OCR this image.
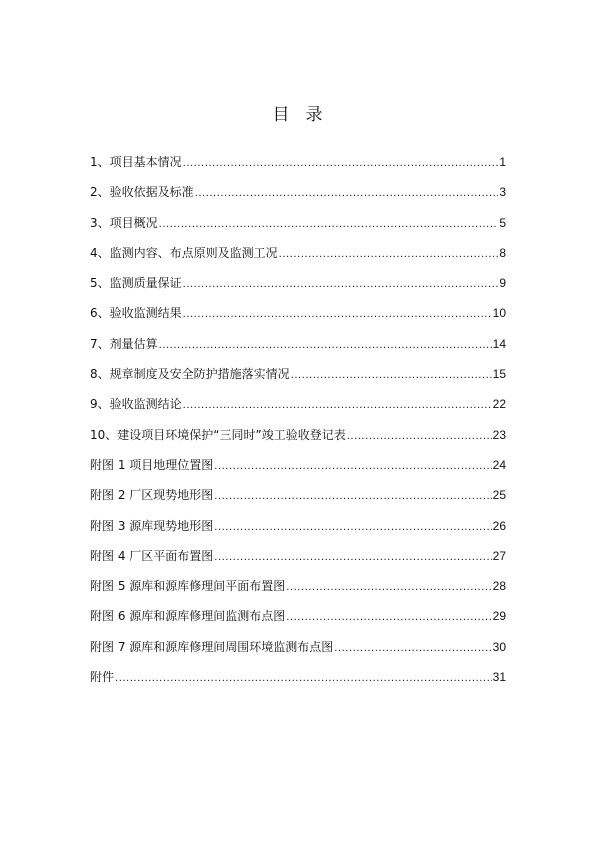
目 录
1、项目基本情况 .....	1
2、验收依据及标准 .....	3
3、项目概况 .....	5
4、监测内容、布点原则及监测工况 .....	8
5、监测质量保证 .....	9
6、验收监测结果 .....	10
7、剂量估算 .....	14
8、规章制度及安全防护措施落实情况 .....	15
9、验收监测结论 .....	22
10、建设项目环境保护“三同时”竣工验收登记表 .....	23
附图 1 项目地理位置图 .....	24
附图 2 厂区现势地形图 .....	25
附图 3 源库现势地形图 .....	26
附图 4 厂区平面布置图 .....	27
附图 5 源库和源库修理间平面布置图 .....	28
附图 6 源库和源库修理间监测布点图 .....	29
附图 7 源库和源库修理间周围环境监测布点图 .....	30
附件 .....	31
